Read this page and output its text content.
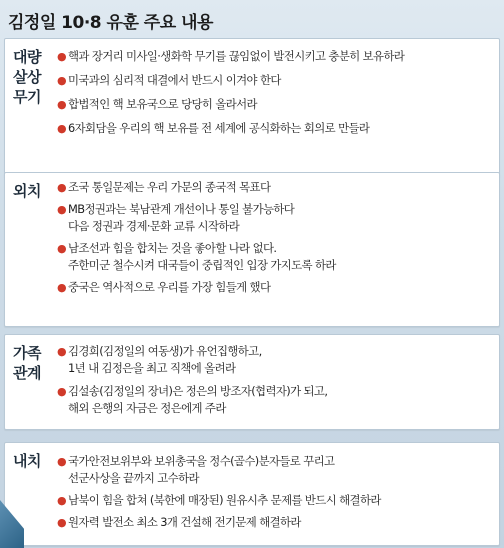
김정일 10·8 유훈 주요 내용
대량
살상
무기
● 핵과 장거리 미사일·생화학 무기를 끊임없이 발전시키고 충분히 보유하라
● 미국과의 심리적 대결에서 반드시 이겨야 한다
● 합법적인 핵 보유국으로 당당히 올라서라
● 6자회담을 우리의 핵 보유를 전 세계에 공식화하는 회의로 만들라
외치	● 조국 통일문제는 우리 가문의 종국적 목표다
● MB정권과는 북남관계 개선이나 통일 불가능하다
다음 정권과 경제·문화 교류 시작하라
● 남조선과 힘을 합치는 것을 좋아할 나라 없다.
주한미군 철수시켜 대국들이 중립적인 입장 가지도록 하라
● 중국은 역사적으로 우리를 가장 힘들게 했다
가족
관계
● 김경희(김정일의 여동생)가 유언집행하고,
1년 내 김정은을 최고 직책에 올려라
● 김설송(김정일의 장녀)은 정은의 방조자(협력자)가 되고,
해외 은행의 자금은 정은에게 주라
내치	● 국가안전보위부와 보위총국을 정수(골수)분자들로 꾸리고
선군사상을 끝까지 고수하라
● 남북이 힘을 합쳐 (북한에 매장된) 원유시추 문제를 반드시 해결하라
● 원자력 발전소 최소 3개 건설해 전기문제 해결하라
